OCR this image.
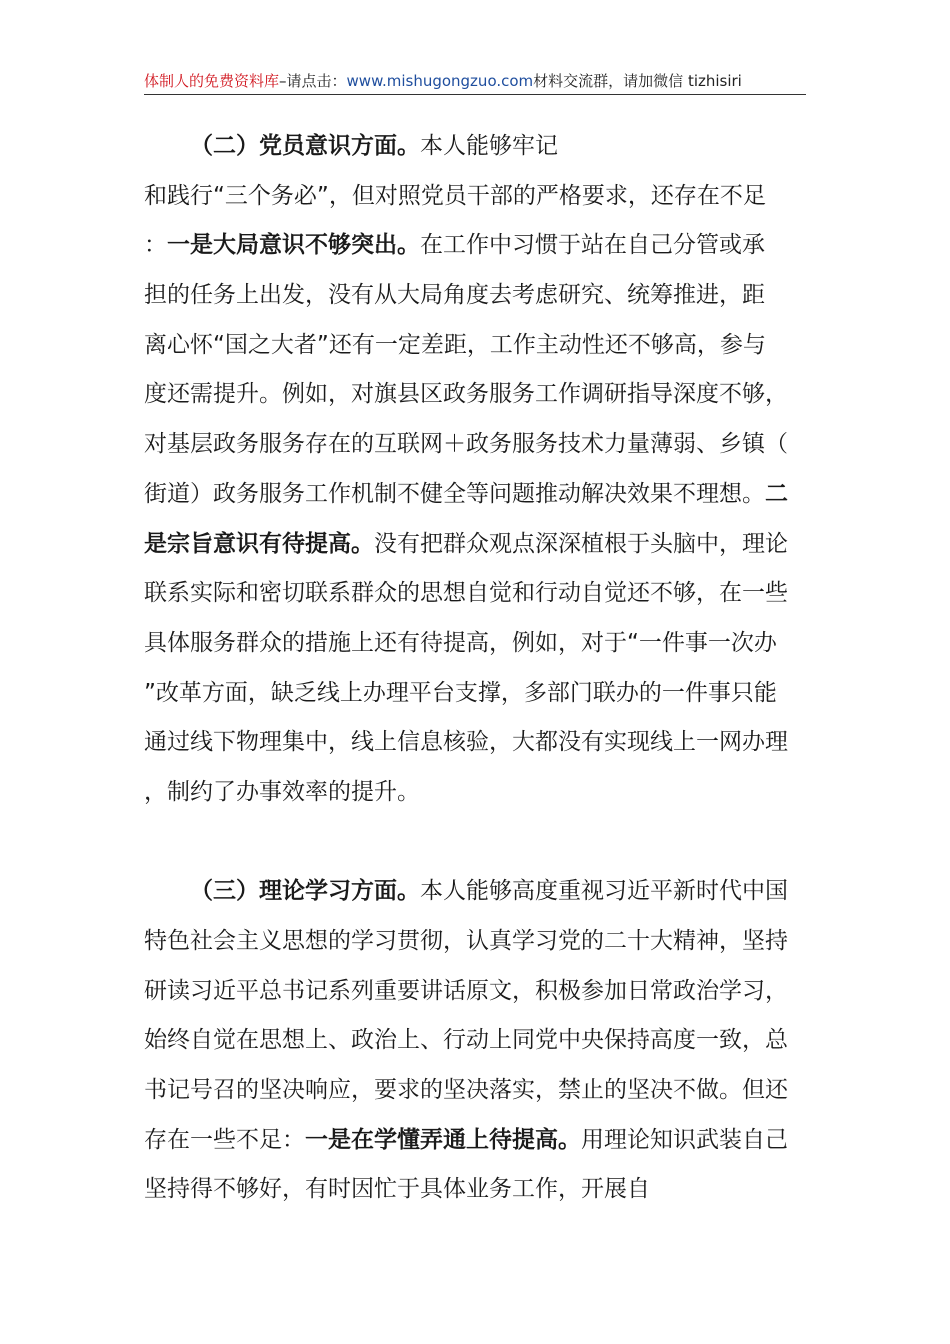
体制人的免费资料库–请点击：www.mishugongzuo.com材料交流群，请加微信 tizhisiri
（二）党员意识方面。本人能够牢记
和践行“三个务必”，但对照党员干部的严格要求，还存在不足
：一是大局意识不够突出。在工作中习惯于站在自己分管或承
担的任务上出发，没有从大局角度去考虑研究、统筹推进，距
离心怀“国之大者”还有一定差距，工作主动性还不够高，参与
度还需提升。例如，对旗县区政务服务工作调研指导深度不够，
对基层政务服务存在的互联网＋政务服务技术力量薄弱、乡镇（
街道）政务服务工作机制不健全等问题推动解决效果不理想。二
是宗旨意识有待提高。没有把群众观点深深植根于头脑中，理论
联系实际和密切联系群众的思想自觉和行动自觉还不够，在一些
具体服务群众的措施上还有待提高，例如，对于“一件事一次办
”改革方面，缺乏线上办理平台支撑，多部门联办的一件事只能
通过线下物理集中，线上信息核验，大都没有实现线上一网办理
，制约了办事效率的提升。
（三）理论学习方面。本人能够高度重视习近平新时代中国
特色社会主义思想的学习贯彻，认真学习党的二十大精神，坚持
研读习近平总书记系列重要讲话原文，积极参加日常政治学习，
始终自觉在思想上、政治上、行动上同党中央保持高度一致，总
书记号召的坚决响应，要求的坚决落实，禁止的坚决不做。但还
存在一些不足：一是在学懂弄通上待提高。用理论知识武装自己
坚持得不够好，有时因忙于具体业务工作，开展自
